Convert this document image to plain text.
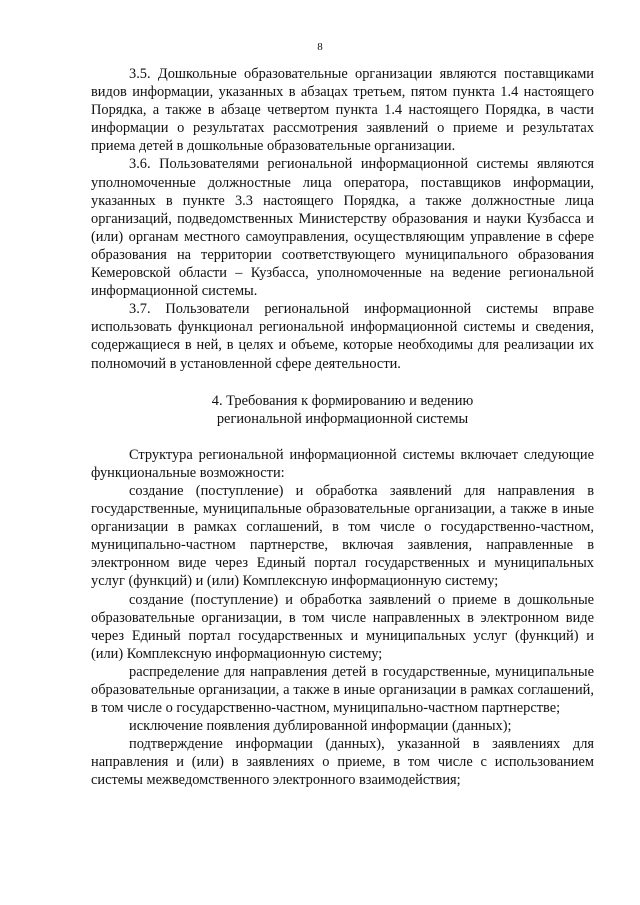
8

3.5. Дошкольные образовательные организации являются поставщиками видов информации, указанных в абзацах третьем, пятом пункта 1.4 настоящего Порядка, а также в абзаце четвертом пункта 1.4 настоящего Порядка, в части информации о результатах рассмотрения заявлений о приеме и результатах приема детей в дошкольные образовательные организации.

3.6. Пользователями региональной информационной системы являются уполномоченные должностные лица оператора, поставщиков информации, указанных в пункте 3.3 настоящего Порядка, а также должностные лица организаций, подведомственных Министерству образования и науки Кузбасса и (или) органам местного самоуправления, осуществляющим управление в сфере образования на территории соответствующего муниципального образования Кемеровской области – Кузбасса, уполномоченные на ведение региональной информационной системы.

3.7. Пользователи региональной информационной системы вправе использовать функционал региональной информационной системы и сведения, содержащиеся в ней, в целях и объеме, которые необходимы для реализации их полномочий в установленной сфере деятельности.

4. Требования к формированию и ведению
региональной информационной системы

Структура региональной информационной системы включает следующие функциональные возможности:

создание (поступление) и обработка заявлений для направления в государственные, муниципальные образовательные организации, а также в иные организации в рамках соглашений, в том числе о государственно-частном, муниципально-частном партнерстве, включая заявления, направленные в электронном виде через Единый портал государственных и муниципальных услуг (функций) и (или) Комплексную информационную систему;

создание (поступление) и обработка заявлений о приеме в дошкольные образовательные организации, в том числе направленных в электронном виде через Единый портал государственных и муниципальных услуг (функций) и (или) Комплексную информационную систему;

распределение для направления детей в государственные, муниципальные образовательные организации, а также в иные организации в рамках соглашений, в том числе о государственно-частном, муниципально-частном партнерстве;

исключение появления дублированной информации (данных);

подтверждение информации (данных), указанной в заявлениях для направления и (или) в заявлениях о приеме, в том числе с использованием системы межведомственного электронного взаимодействия;
